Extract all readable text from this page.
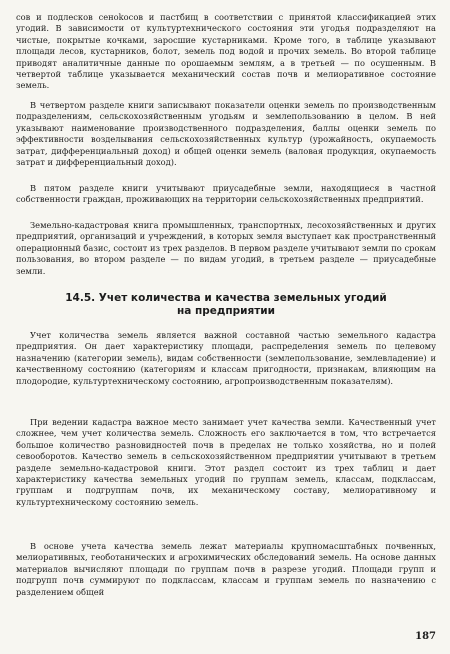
сов и подлесков сеноkосов и пастбищ в соответствии с принятой классификацией этих угодий. В зависимости от культуртехнического состояния эти угодья подразделяют на чистые, покрытые кочками, заросшие кустарниками. Кроме того, в таблице указывают площади лесов, кустарников, болот, земель под водой и прочих земель. Во второй таблице приводят аналитичные данные по орошаемым землям, а в третьей — по осушенным. В четвертой таблице указывается механический состав почв и мелиоративное состояние земель.

В четвертом разделе книги записывают показатели оценки земель по производственным подразделениям, сельскохозяйственным угодьям и землепользованию в целом. В ней указывают наименование производственного подразделения, баллы оценки земель по эффективности возделывания сельскохозяйственных культур (урожайность, окупаемость затрат, дифференциальный доход) и общей оценки земель (валовая продукция, окупаемость затрат и дифференциальный доход).

В пятом разделе книги учитывают приусадебные земли, находящиеся в частной собственности граждан, проживающих на территории сельскохозяйственных предприятий.

Земельно-кадастровая книга промышленных, транспортных, лесохозяйственных и других предприятий, организаций и учреждений, в которых земля выступает как пространственный операционный базис, состоит из трех разделов. В первом разделе учитывают земли по срокам пользования, во втором разделе — по видам угодий, в третьем разделе — приусадебные земли.

14.5. Учет количества и качества земельных угодий
на предприятии

Учет количества земель является важной составной частью земельного кадастра предприятия. Он дает характеристику площади, распределения земель по целевому назначению (категории земель), видам собственности (землепользование, землевладение) и качественному состоянию (категориям и классам пригодности, признакам, влияющим на плодородие, культуртехническому состоянию, агропроизводственным показателям).

При ведении кадастра важное место занимает учет качества земли. Качественный учет сложнее, чем учет количества земель. Сложность его заключается в том, что встречается большое количество разновидностей почв в пределах не только хозяйства, но и полей севооборотов. Качество земель в сельскохозяйственном предприятии учитывают в третьем разделе земельно-кадастровой книги. Этот раздел состоит из трех таблиц и дает характеристику качества земельных угодий по группам земель, классам, подклассам, группам и подгруппам почв, их механическому составу, мелиоративному и культуртехническому состоянию земель.

В основе учета качества земель лежат материалы крупномасштабных почвенных, мелиоративных, геоботанических и агрохимических обследований земель. На основе данных материалов вычисляют площади по группам почв в разрезе угодий. Площади групп и подгрупп почв суммируют по подклассам, классам и группам земель по назначению с разделением общей

187
